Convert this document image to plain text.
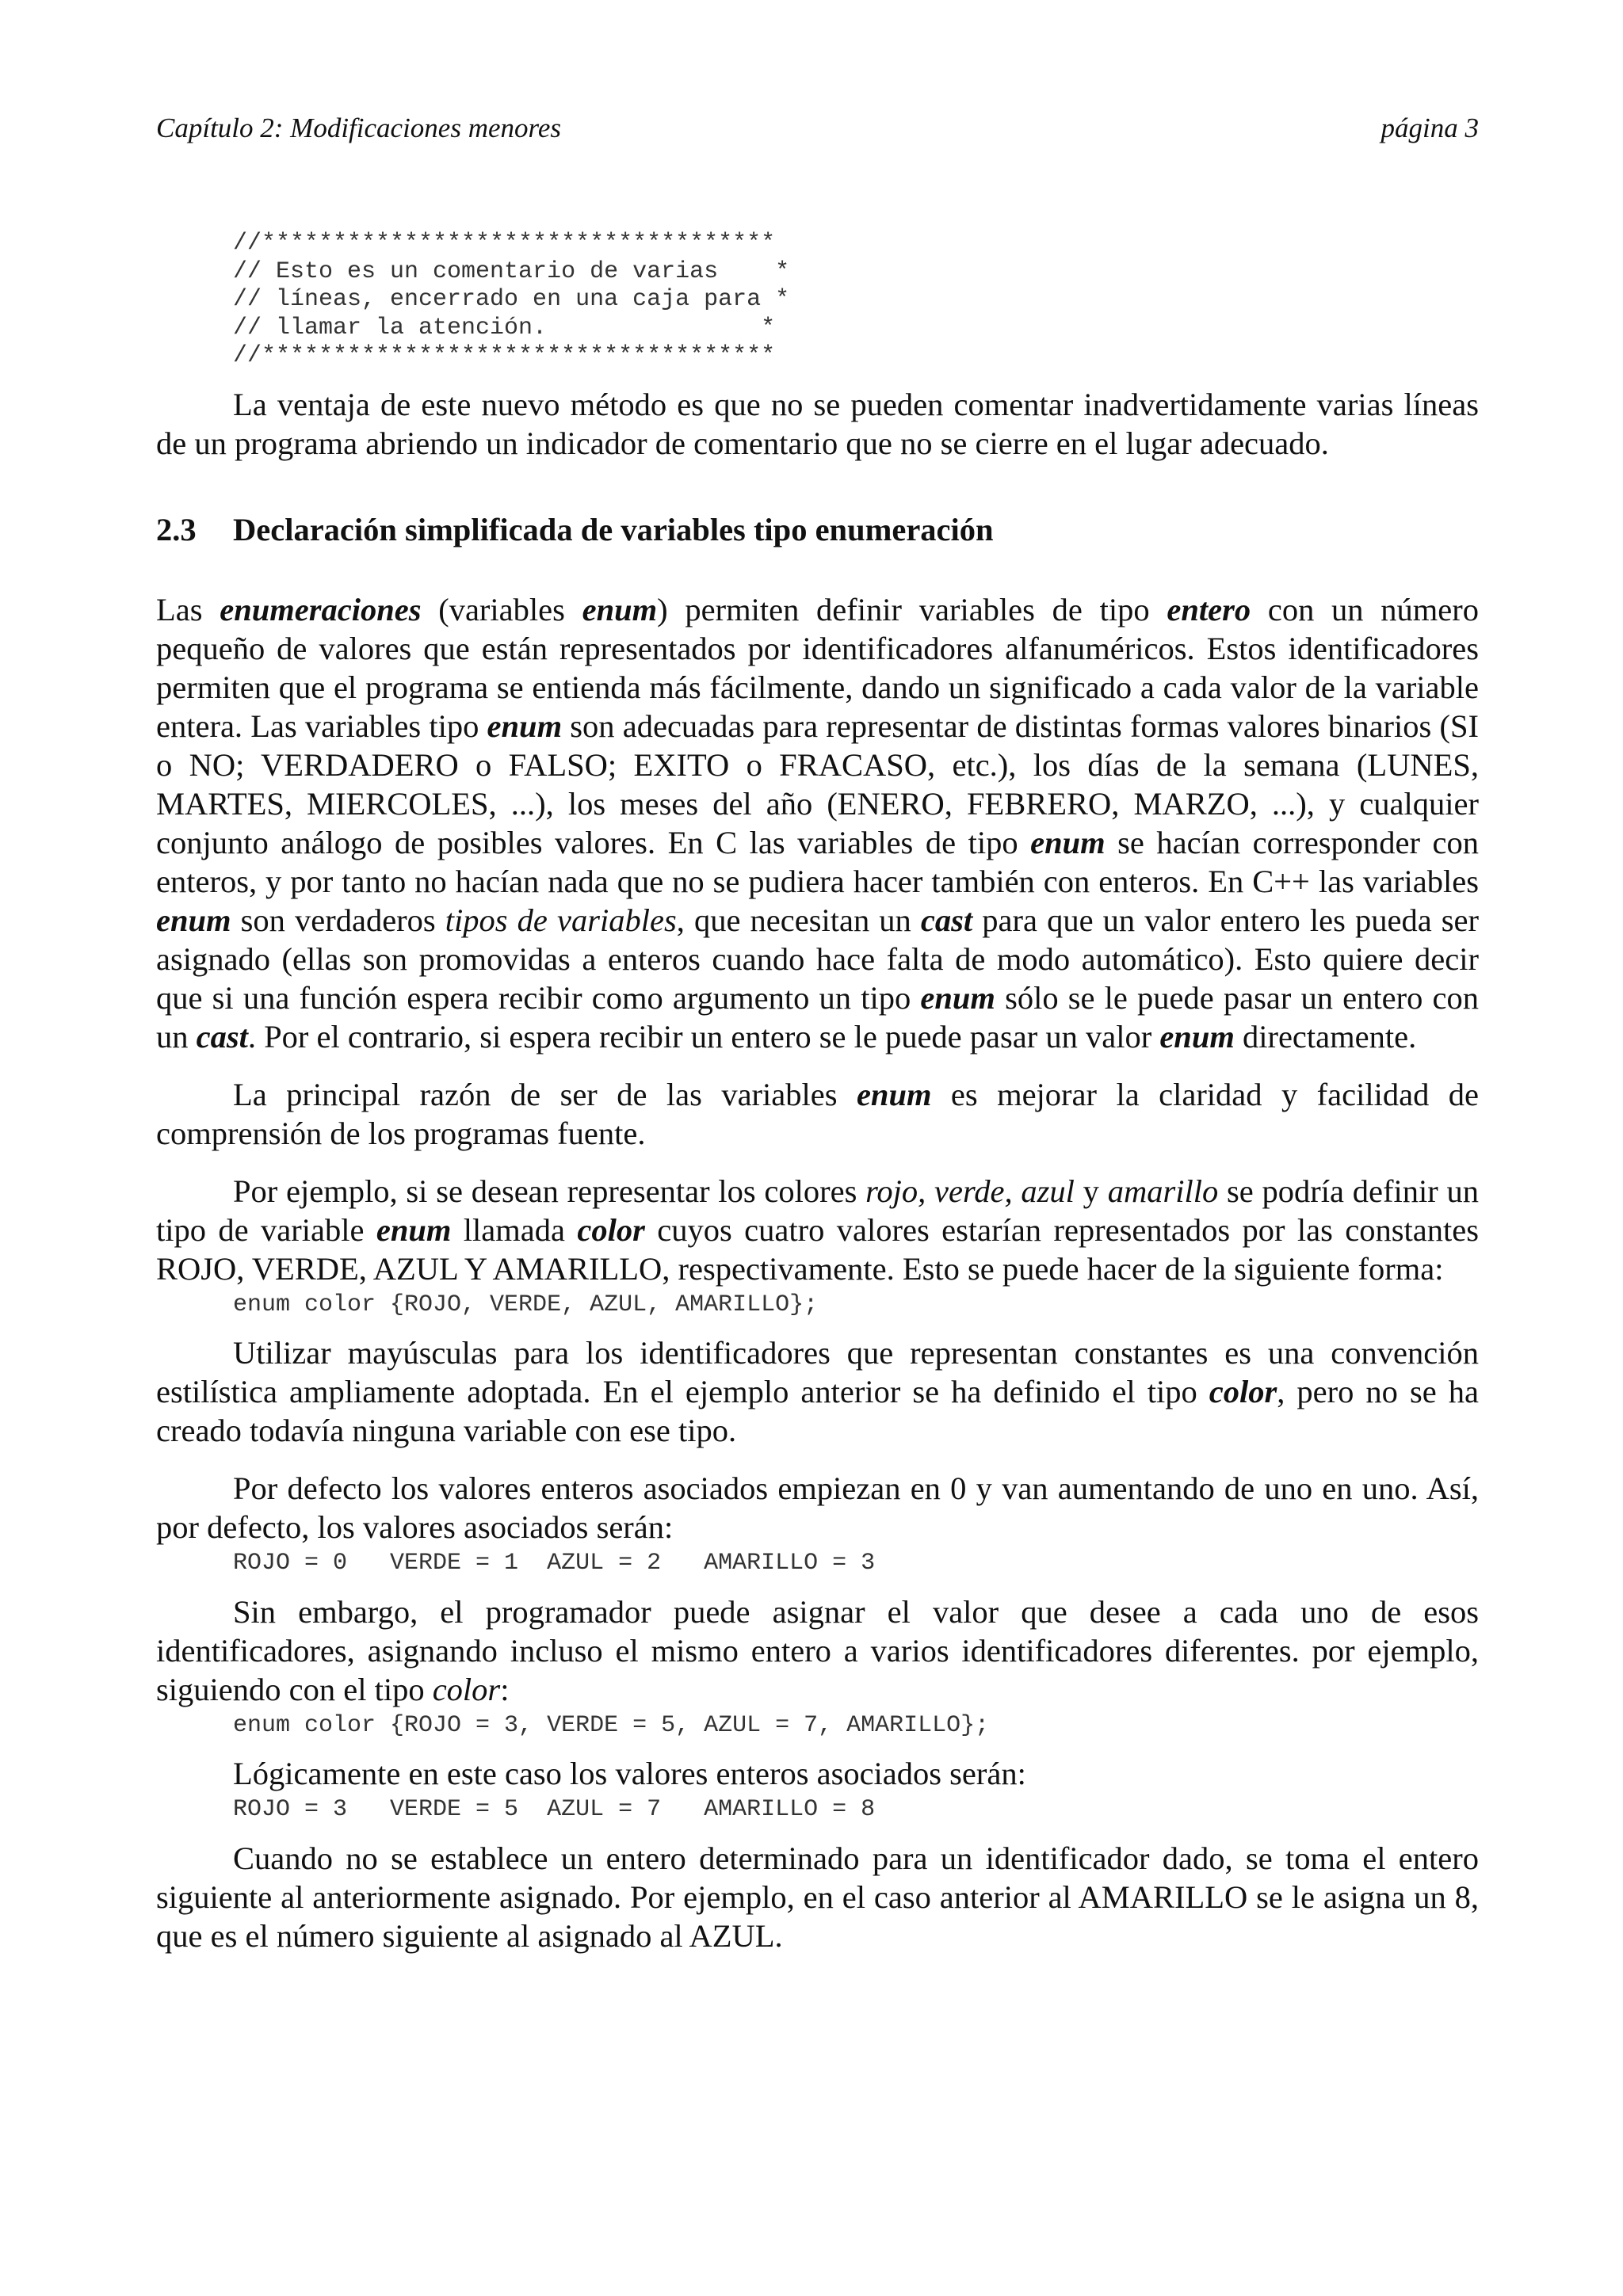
Capítulo 2: Modificaciones menores	página 3
//************************************
// Esto es un comentario de varias    *
// líneas, encerrado en una caja para *
// llamar la atención.               *
//************************************

La ventaja de este nuevo método es que no se pueden comentar inadvertidamente varias líneas de un programa abriendo un indicador de comentario que no se cierre en el lugar adecuado.

2.3 Declaración simplificada de variables tipo enumeración

Las enumeraciones (variables enum) permiten definir variables de tipo entero con un número pequeño de valores que están representados por identificadores alfanuméricos. Estos identificadores permiten que el programa se entienda más fácilmente, dando un significado a cada valor de la variable entera. Las variables tipo enum son adecuadas para representar de distintas formas valores binarios (SI o NO; VERDADERO o FALSO; EXITO o FRACASO, etc.), los días de la semana (LUNES, MARTES, MIERCOLES, ...), los meses del año (ENERO, FEBRERO, MARZO, ...), y cualquier conjunto análogo de posibles valores. En C las variables de tipo enum se hacían corresponder con enteros, y por tanto no hacían nada que no se pudiera hacer también con enteros. En C++ las variables enum son verdaderos tipos de variables, que necesitan un cast para que un valor entero les pueda ser asignado (ellas son promovidas a enteros cuando hace falta de modo automático). Esto quiere decir que si una función espera recibir como argumento un tipo enum sólo se le puede pasar un entero con un cast. Por el contrario, si espera recibir un entero se le puede pasar un valor enum directamente.

La principal razón de ser de las variables enum es mejorar la claridad y facilidad de comprensión de los programas fuente.

Por ejemplo, si se desean representar los colores rojo, verde, azul y amarillo se podría definir un tipo de variable enum llamada color cuyos cuatro valores estarían representados por las constantes ROJO, VERDE, AZUL Y AMARILLO, respectivamente. Esto se puede hacer de la siguiente forma:

enum color {ROJO, VERDE, AZUL, AMARILLO};

Utilizar mayúsculas para los identificadores que representan constantes es una convención estilística ampliamente adoptada. En el ejemplo anterior se ha definido el tipo color, pero no se ha creado todavía ninguna variable con ese tipo.

Por defecto los valores enteros asociados empiezan en 0 y van aumentando de uno en uno. Así, por defecto, los valores asociados serán:

ROJO = 0   VERDE = 1  AZUL = 2   AMARILLO = 3

Sin embargo, el programador puede asignar el valor que desee a cada uno de esos identificadores, asignando incluso el mismo entero a varios identificadores diferentes. por ejemplo, siguiendo con el tipo color:

enum color {ROJO = 3, VERDE = 5, AZUL = 7, AMARILLO};

Lógicamente en este caso los valores enteros asociados serán:

ROJO = 3   VERDE = 5  AZUL = 7   AMARILLO = 8

Cuando no se establece un entero determinado para un identificador dado, se toma el entero siguiente al anteriormente asignado. Por ejemplo, en el caso anterior al AMARILLO se le asigna un 8, que es el número siguiente al asignado al AZUL.
